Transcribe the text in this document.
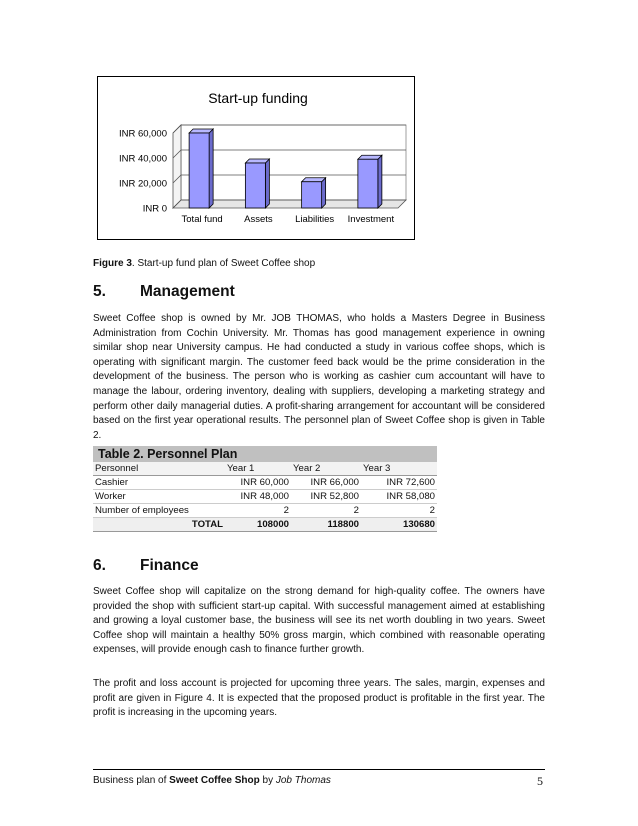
Start-up funding
INR 0
INR 20,000
INR 40,000
INR 60,000
Total fund Assets Liabilities Investment
Figure 3. Start-up fund plan of Sweet Coffee shop
5. Management

Sweet Coffee shop is owned by Mr. JOB THOMAS, who holds a Masters Degree in Business Administration from Cochin University. Mr. Thomas has good management experience in owning similar shop near University campus. He had conducted a study in various coffee shops, which is operating with significant margin. The customer feed back would be the prime consideration in the development of the business. The person who is working as cashier cum accountant will have to manage the labour, ordering inventory, dealing with suppliers, developing a marketing strategy and perform other daily managerial duties. A profit-sharing arrangement for accountant will be considered based on the first year operational results. The personnel plan of Sweet Coffee shop is given in Table 2.

Table 2. Personnel Plan
Personnel	Year 1	Year 2	Year 3
Cashier	INR 60,000	INR 66,000	INR 72,600
Worker	INR 48,000	INR 52,800	INR 58,080
Number of employees	2	2	2
TOTAL	108000	118800	130680
6. Finance

Sweet Coffee shop will capitalize on the strong demand for high-quality coffee. The owners have provided the shop with sufficient start-up capital. With successful management aimed at establishing and growing a loyal customer base, the business will see its net worth doubling in two years. Sweet Coffee shop will maintain a healthy 50% gross margin, which combined with reasonable operating expenses, will provide enough cash to finance further growth.

The profit and loss account is projected for upcoming three years. The sales, margin, expenses and profit are given in Figure 4. It is expected that the proposed product is profitable in the first year. The profit is increasing in the upcoming years.

Business plan of Sweet Coffee Shop by Job Thomas	5
